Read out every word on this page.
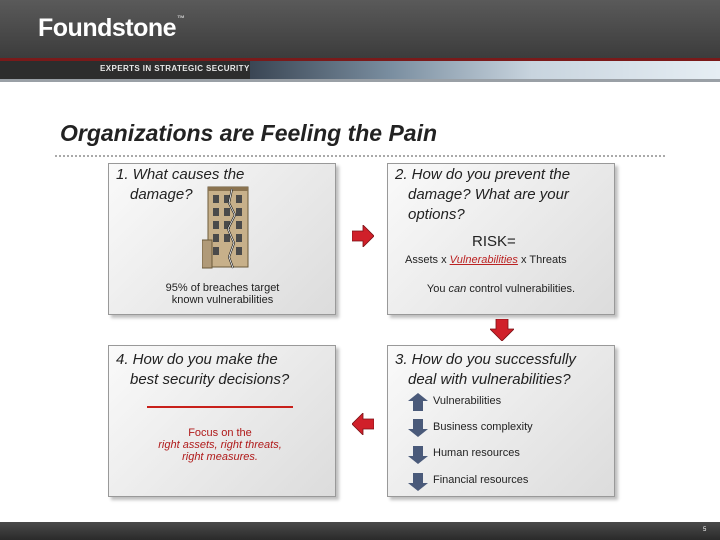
Foundstone™
EXPERTS IN STRATEGIC SECURITY
Organizations are Feeling the Pain
1. What causes the
damage?
95% of breaches target
known vulnerabilities
2. How do you prevent the
damage? What are your
options?
RISK=
Assets x Vulnerabilities x Threats
You can control vulnerabilities.
4. How do you make the
best security decisions?
Focus on the
right assets, right threats,
right measures.
3. How do you successfully
deal with vulnerabilities?
Vulnerabilities
Business complexity
Human resources
Financial resources
5
